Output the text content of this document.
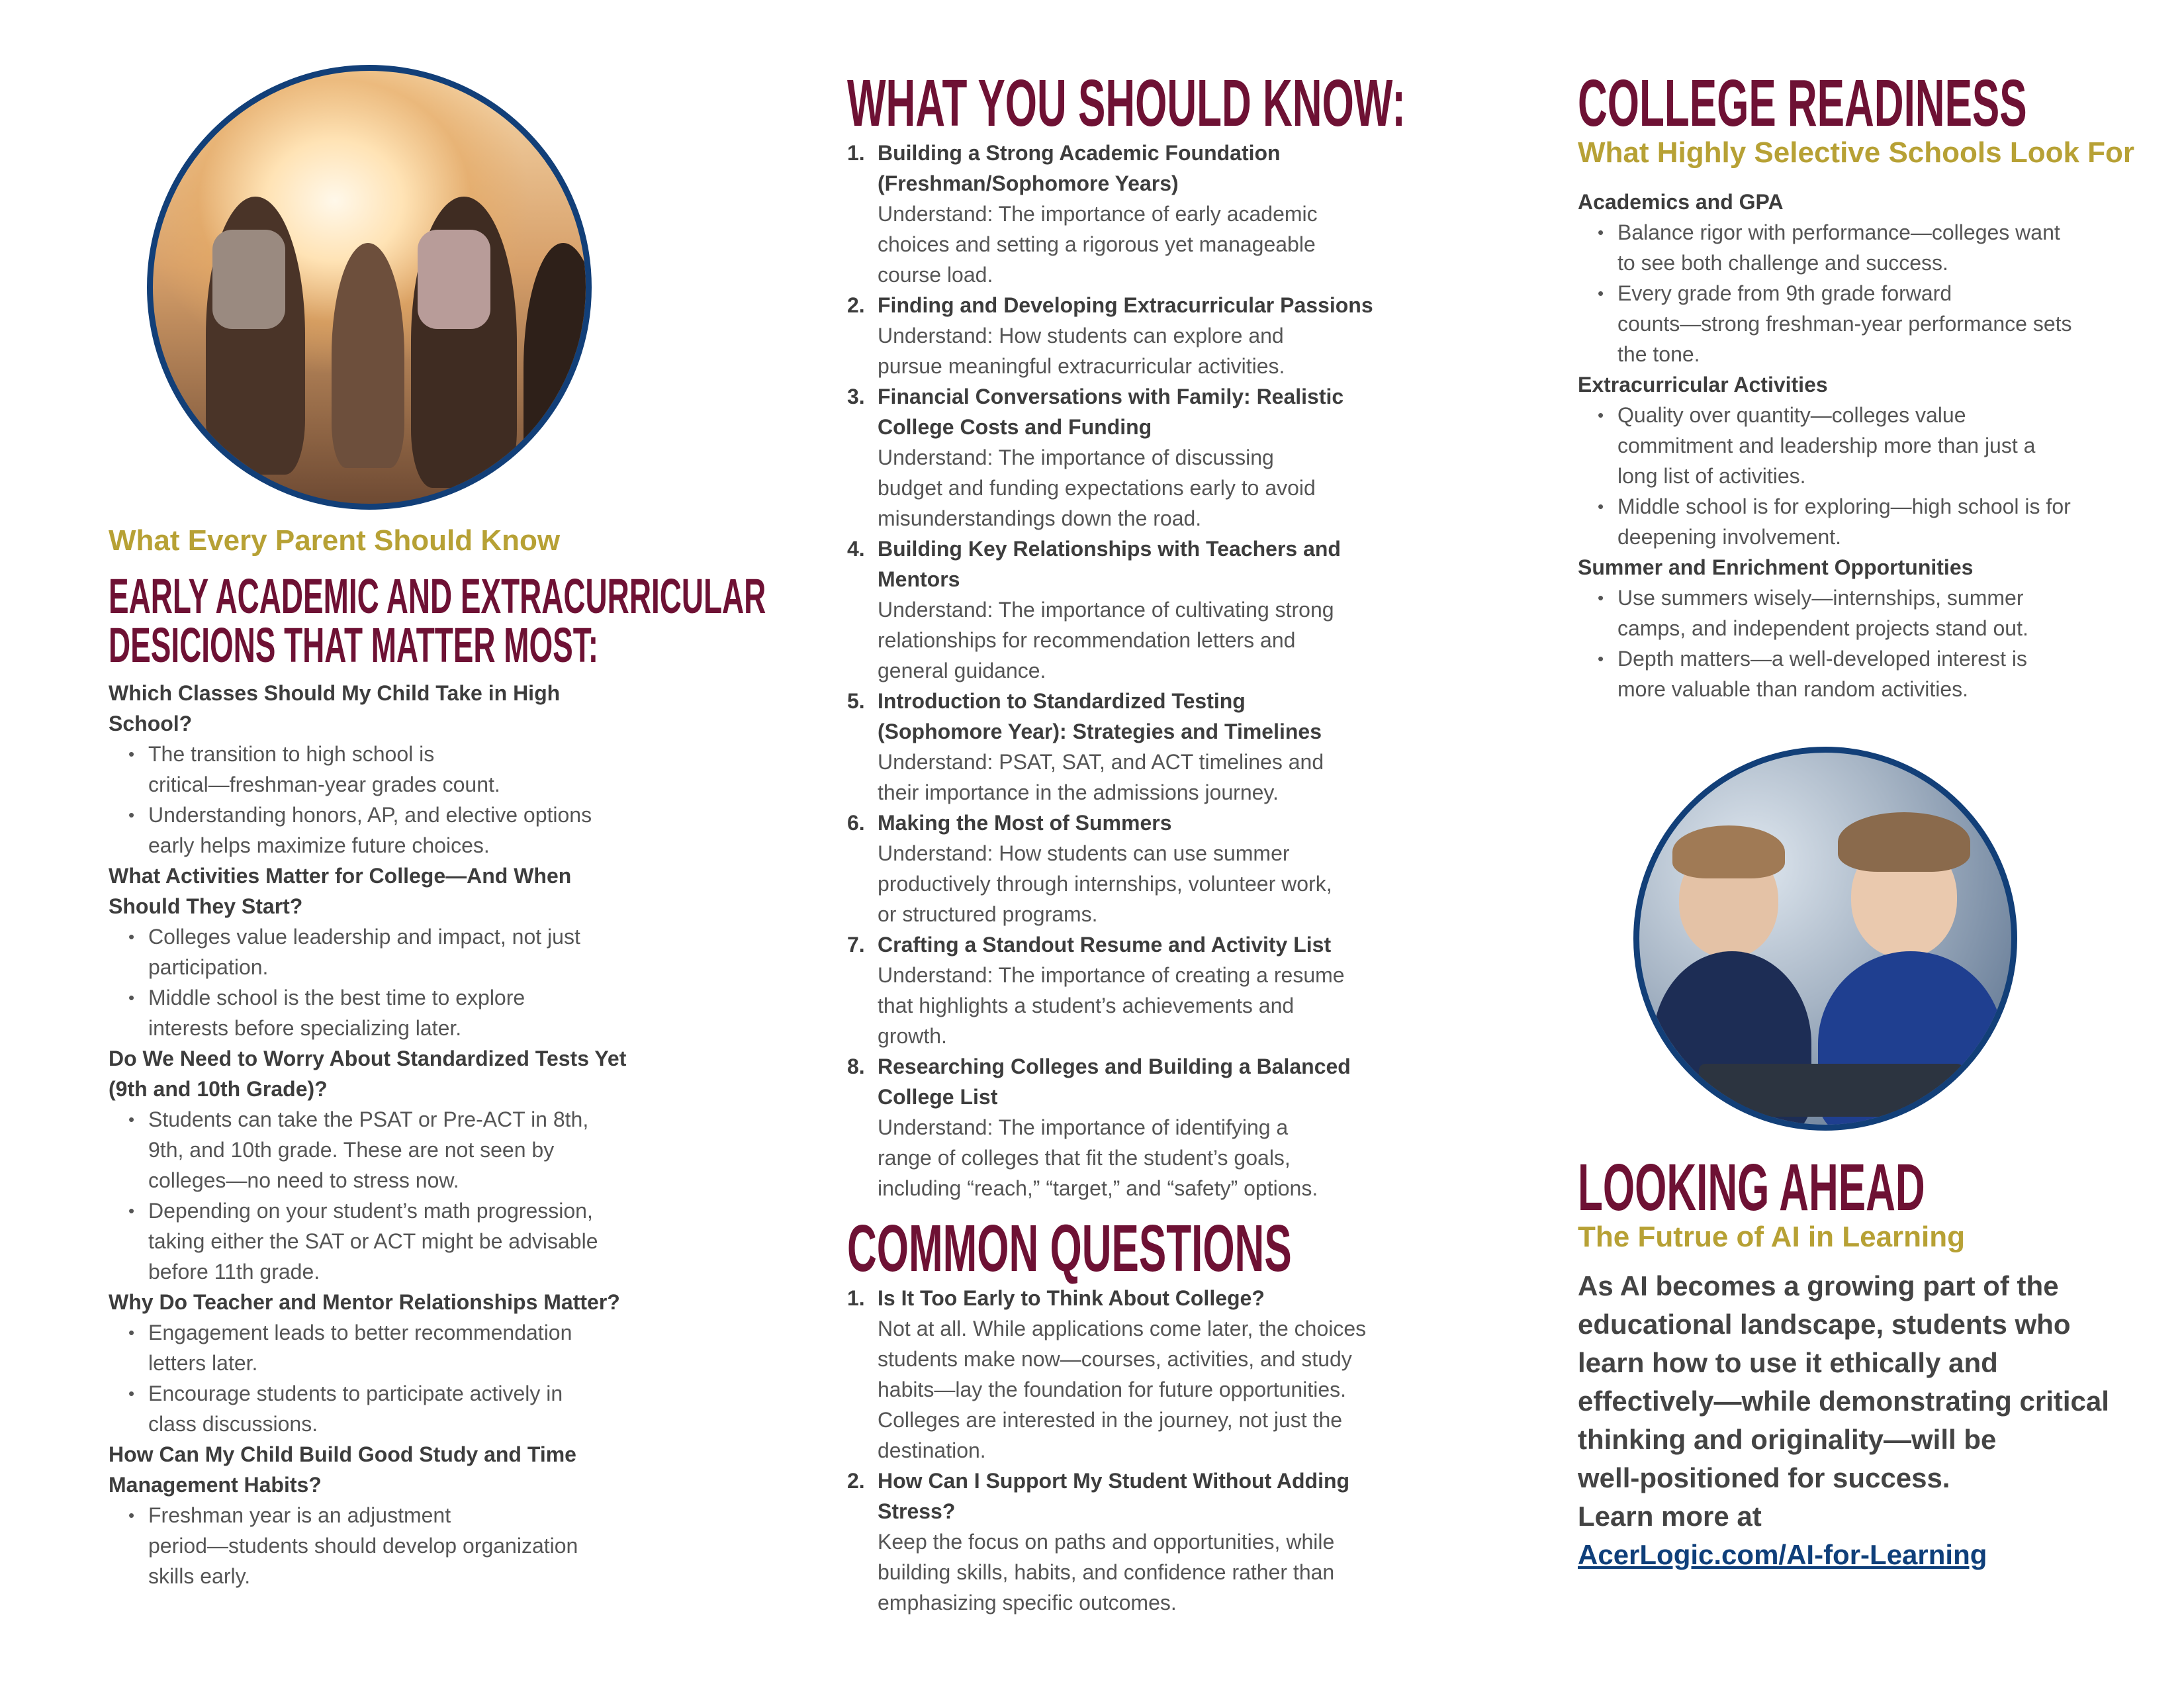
What Every Parent Should Know
EARLY ACADEMIC AND EXTRACURRICULAR
DESICIONS THAT MATTER MOST:
Which Classes Should My Child Take in High
School?
• The transition to high school is
critical—freshman-year grades count.
• Understanding honors, AP, and elective options
early helps maximize future choices.
What Activities Matter for College—And When
Should They Start?
• Colleges value leadership and impact, not just
participation.
• Middle school is the best time to explore
interests before specializing later.
Do We Need to Worry About Standardized Tests Yet
(9th and 10th Grade)?
• Students can take the PSAT or Pre-ACT in 8th,
9th, and 10th grade. These are not seen by
colleges—no need to stress now.
• Depending on your student’s math progression,
taking either the SAT or ACT might be advisable
before 11th grade.
Why Do Teacher and Mentor Relationships Matter?
• Engagement leads to better recommendation
letters later.
• Encourage students to participate actively in
class discussions.
How Can My Child Build Good Study and Time
Management Habits?
• Freshman year is an adjustment
period—students should develop organization
skills early.
WHAT YOU SHOULD KNOW:
1. Building a Strong Academic Foundation
(Freshman/Sophomore Years)
Understand: The importance of early academic
choices and setting a rigorous yet manageable
course load.
2. Finding and Developing Extracurricular Passions
Understand: How students can explore and
pursue meaningful extracurricular activities.
3. Financial Conversations with Family: Realistic
College Costs and Funding
Understand: The importance of discussing
budget and funding expectations early to avoid
misunderstandings down the road.
4. Building Key Relationships with Teachers and
Mentors
Understand: The importance of cultivating strong
relationships for recommendation letters and
general guidance.
5. Introduction to Standardized Testing
(Sophomore Year): Strategies and Timelines
Understand: PSAT, SAT, and ACT timelines and
their importance in the admissions journey.
6. Making the Most of Summers
Understand: How students can use summer
productively through internships, volunteer work,
or structured programs.
7. Crafting a Standout Resume and Activity List
Understand: The importance of creating a resume
that highlights a student’s achievements and
growth.
8. Researching Colleges and Building a Balanced
College List
Understand: The importance of identifying a
range of colleges that fit the student’s goals,
including “reach,” “target,” and “safety” options.
COMMON QUESTIONS
1. Is It Too Early to Think About College?
Not at all. While applications come later, the choices
students make now—courses, activities, and study
habits—lay the foundation for future opportunities.
Colleges are interested in the journey, not just the
destination.
2. How Can I Support My Student Without Adding
Stress?
Keep the focus on paths and opportunities, while
building skills, habits, and confidence rather than
emphasizing specific outcomes.
COLLEGE READINESS
What Highly Selective Schools Look For
Academics and GPA
• Balance rigor with performance—colleges want
to see both challenge and success.
• Every grade from 9th grade forward
counts—strong freshman-year performance sets
the tone.
Extracurricular Activities
• Quality over quantity—colleges value
commitment and leadership more than just a
long list of activities.
• Middle school is for exploring—high school is for
deepening involvement.
Summer and Enrichment Opportunities
• Use summers wisely—internships, summer
camps, and independent projects stand out.
• Depth matters—a well-developed interest is
more valuable than random activities.
LOOKING AHEAD
The Futrue of AI in Learning
As AI becomes a growing part of the
educational landscape, students who
learn how to use it ethically and
effectively—while demonstrating critical
thinking and originality—will be
well-positioned for success.
Learn more at
AcerLogic.com/AI-for-Learning
